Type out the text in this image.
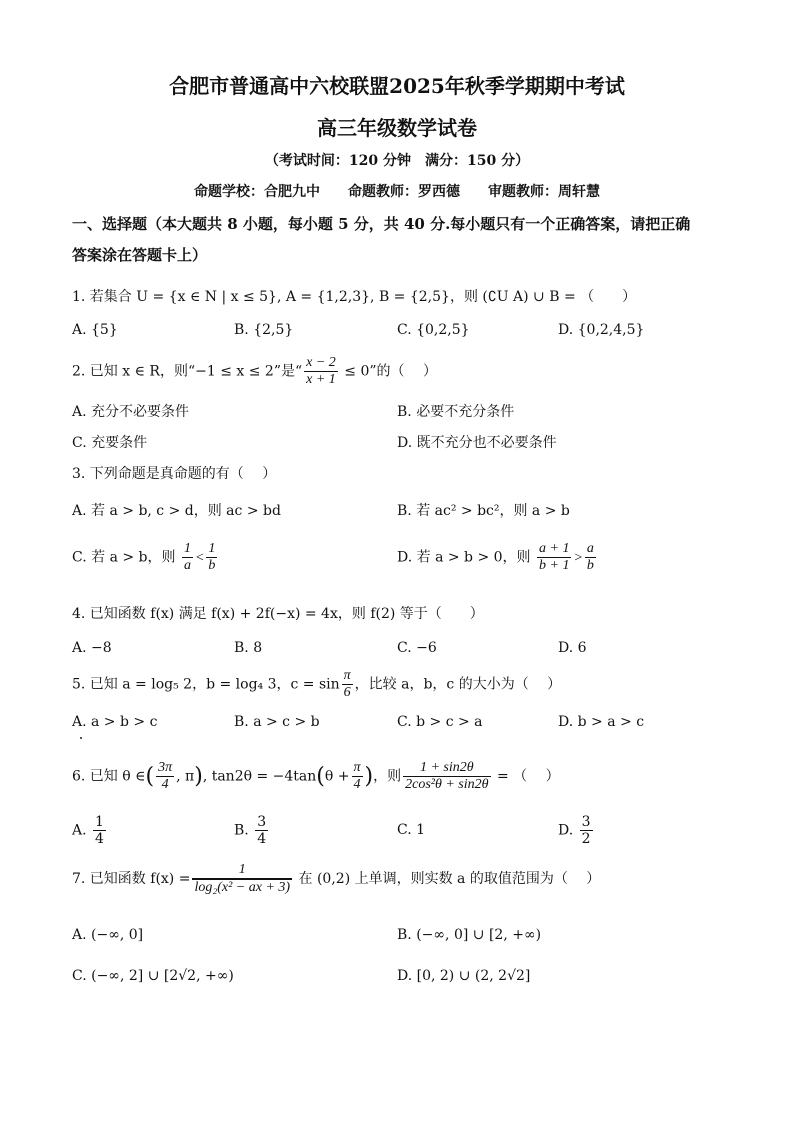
合肥市普通高中六校联盟2025年秋季学期期中考试
高三年级数学试卷
（考试时间：120 分钟　满分：150 分）
命题学校：合肥九中　　命题教师：罗西德　　审题教师：周轩慧
一、选择题（本大题共 8 小题，每小题 5 分，共 40 分.每小题只有一个正确答案，请把正确
答案涂在答题卡上）
1. 若集合 U = {x ∈ N | x ≤ 5}, A = {1,2,3}, B = {2,5}，则 (∁U A) ∪ B = （　　）
A. {5}	B. {2,5}	C. {0,2,5}	D. {0,2,4,5}
2. 已知 x ∈ R，则“−1 ≤ x ≤ 2”是“ $\frac{x - 2}{x + 1} \le 0$”的（　 ）
A. 充分不必要条件	B. 必要不充分条件
C. 充要条件	D. 既不充分也不必要条件
3. 下列命题是真命题的有（　 ）
A. 若 a > b, c > d，则 ac > bd	B. 若 ac² > bc²，则 a > b
C. 若 a > b，则 $\frac{1}{a} < \frac{1}{b}$	D. 若 a > b > 0，则 $\frac{a + 1}{b + 1} > \frac{a}{b}$
4. 已知函数 f(x) 满足 f(x) + 2f(−x) = 4x，则 f(2) 等于（　　）
A. −8	B. 8	C. −6	D. 6
5. 已知 a = log₅ 2，b = log₄ 3，$c = \sin \frac{\pi}{6}$ ，比较 a，b，c 的大小为（　 ）
A. a > b > c	B. a > c > b	C. b > c > a	D. b > a > c
6. 已知 θ ∈( $\frac{3\pi}{4}$ , π), $\tan 2\theta = -4\tan(\theta + \frac{\pi}{4}$ )，则 $\frac{1 + \sin 2\theta}{\text{2cos²θ + sin2θ}}$ = （　 ）
A. $\frac{1}{4}$	B. $\frac{3}{4}$	C. 1	D. $\frac{3}{2}$
7. 已知函数 $f(x) = \frac{1}{\text{log₂(x² − ax + 3)}}$ 在 (0,2) 上单调，则实数 a 的取值范围为（　 ）
A. (−∞, 0]	B. (−∞, 0] ∪ [2, +∞)
C. (−∞, 2] ∪ [2√2, +∞)	D. [0, 2) ∪ (2, 2√2]
